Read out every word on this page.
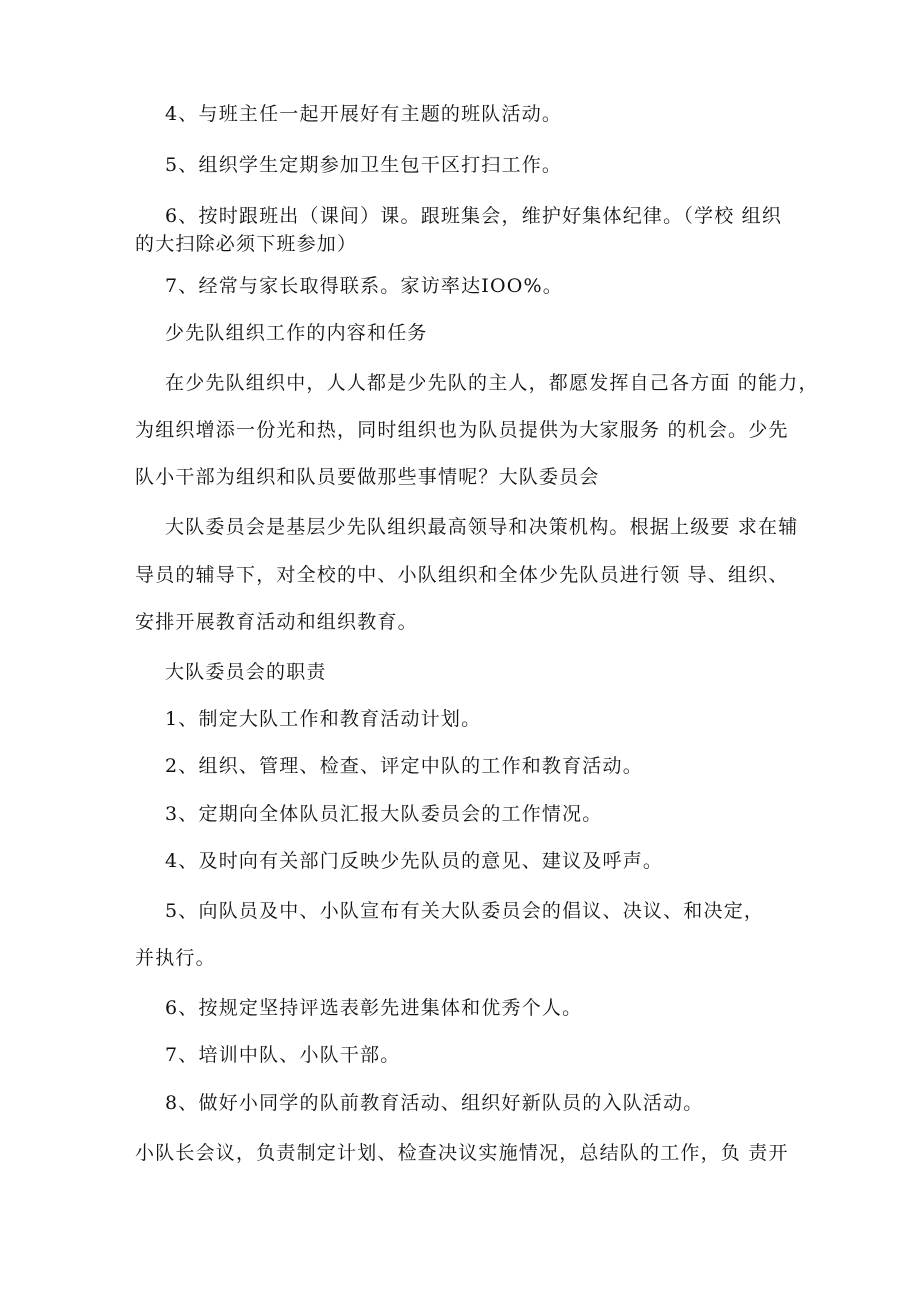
4、与班主任一起开展好有主题的班队活动。
5、组织学生定期参加卫生包干区打扫工作。
6、按时跟班出（课间）课。跟班集会，维护好集体纪律。（学校 组织
的大扫除必须下班参加）
7、经常与家长取得联系。家访率达IOO%。
少先队组织工作的内容和任务
在少先队组织中，人人都是少先队的主人，都愿发挥自己各方面 的能力，
为组织增添一份光和热，同时组织也为队员提供为大家服务 的机会。少先
队小干部为组织和队员要做那些事情呢？大队委员会
大队委员会是基层少先队组织最高领导和决策机构。根据上级要 求在辅
导员的辅导下，对全校的中、小队组织和全体少先队员进行领 导、组织、
安排开展教育活动和组织教育。
大队委员会的职责
1、制定大队工作和教育活动计划。
2、组织、管理、检查、评定中队的工作和教育活动。
3、定期向全体队员汇报大队委员会的工作情况。
4、及时向有关部门反映少先队员的意见、建议及呼声。
5、向队员及中、小队宣布有关大队委员会的倡议、决议、和决定，
并执行。
6、按规定坚持评选表彰先进集体和优秀个人。
7、培训中队、小队干部。
8、做好小同学的队前教育活动、组织好新队员的入队活动。
小队长会议，负责制定计划、检查决议实施情况，总结队的工作，负 责开
